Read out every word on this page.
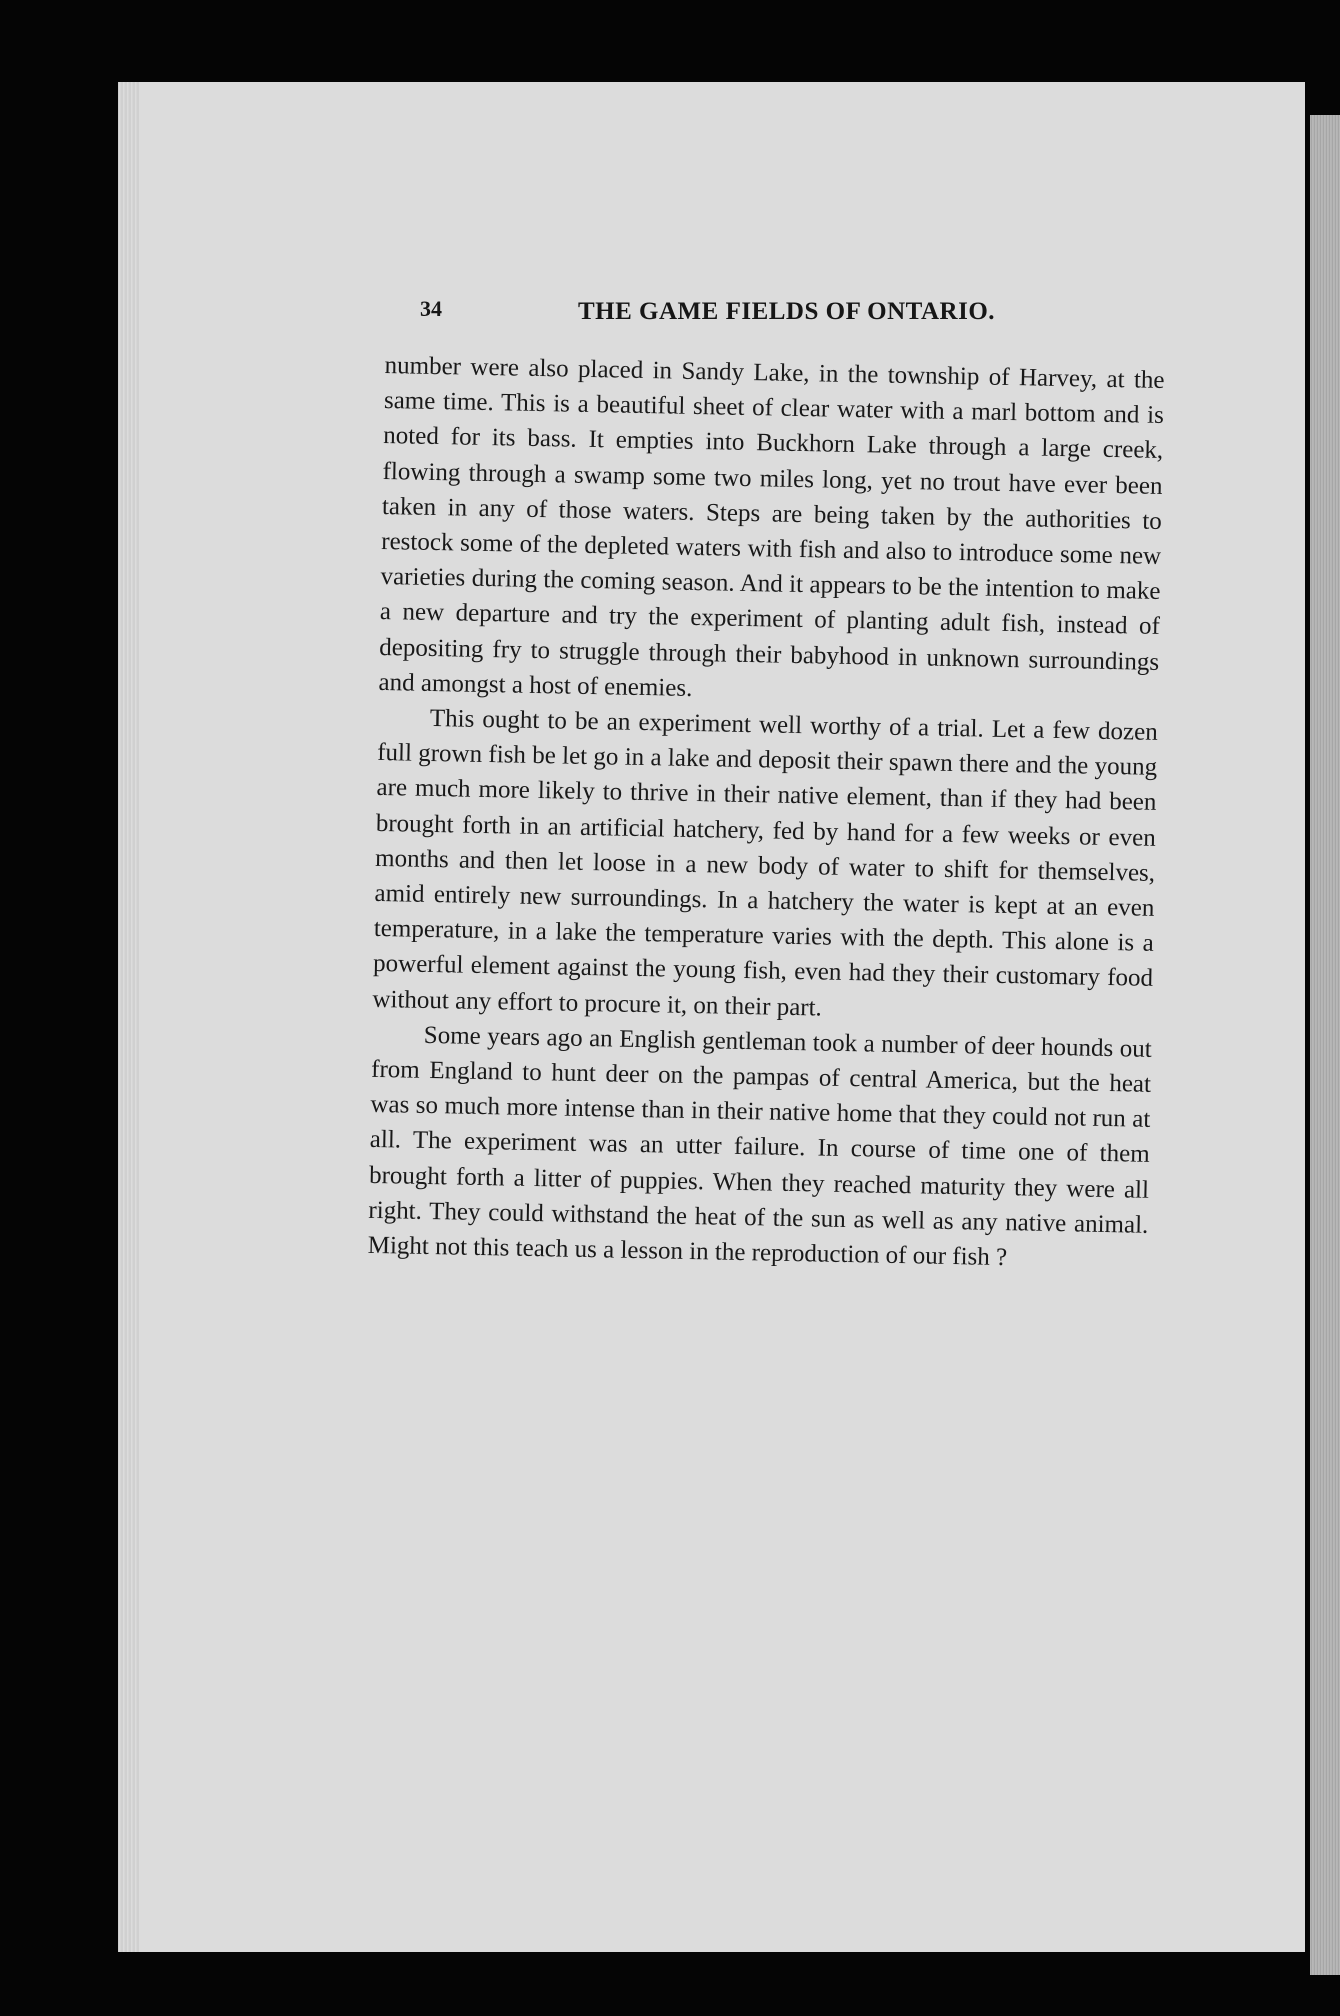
34	THE GAME FIELDS OF ONTARIO.

number were also placed in Sandy Lake, in the township of Harvey, at the same time. This is a beautiful sheet of clear water with a marl bottom and is noted for its bass. It empties into Buckhorn Lake through a large creek, flowing through a swamp some two miles long, yet no trout have ever been taken in any of those waters. Steps are being taken by the authorities to restock some of the depleted waters with fish and also to introduce some new varieties during the coming season. And it appears to be the intention to make a new departure and try the experiment of planting adult fish, instead of depositing fry to struggle through their babyhood in unknown surroundings and amongst a host of enemies.

This ought to be an experiment well worthy of a trial. Let a few dozen full grown fish be let go in a lake and deposit their spawn there and the young are much more likely to thrive in their native element, than if they had been brought forth in an artificial hatchery, fed by hand for a few weeks or even months and then let loose in a new body of water to shift for themselves, amid entirely new surroundings. In a hatchery the water is kept at an even temperature, in a lake the temperature varies with the depth. This alone is a powerful element against the young fish, even had they their customary food without any effort to procure it, on their part.

Some years ago an English gentleman took a number of deer hounds out from England to hunt deer on the pampas of central America, but the heat was so much more intense than in their native home that they could not run at all. The experiment was an utter failure. In course of time one of them brought forth a litter of puppies. When they reached maturity they were all right. They could withstand the heat of the sun as well as any native animal. Might not this teach us a lesson in the reproduction of our fish ?
